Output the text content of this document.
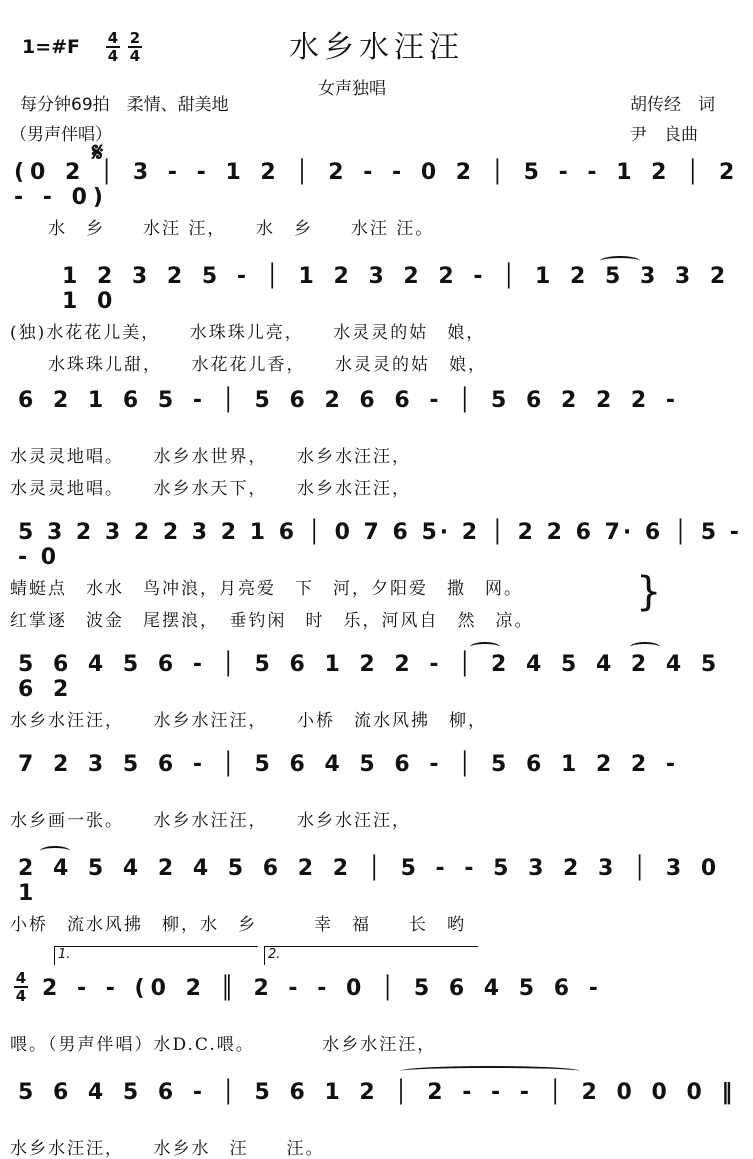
水乡水汪汪
1=#F 4
4
2
4
女声独唱
每分钟69拍　柔情、甜美地	胡传经　词
（男声伴唱）	尹　良曲
𝄋
(0 2 │ 3 - - 1 2 │ 2 - - 0 2 │ 5 - - 1 2 │ 2 - - 0)
水　乡　　水汪 汪，　　水　乡　　水汪 汪。
1 2 3 2 5 - │ 1 2 3 2 2 - │ 1 2 5 3 3 2 1 0
(独)水花花儿美，　　水珠珠儿亮，　　水灵灵的姑　娘，
　　水珠珠儿甜，　　水花花儿香，　　水灵灵的姑　娘，
6 2 1 6 5 - │ 5 6 2 6 6 - │ 5 6 2 2 2 -
水灵灵地唱。　　水乡水世界，　　水乡水汪汪，
水灵灵地唱。　　水乡水天下，　　水乡水汪汪，
5 3 2 3 2 2 3 2 1 6 │ 0 7 6 5· 2 │ 2 2 6 7· 6 │ 5 - - 0
蜻蜓点　水水　鸟冲浪，月亮爱　下　河，夕阳爱　撒　网。
红掌逐　波金　尾摆浪，　垂钓闲　时　乐，河风自　然　凉。
}
5 6 4 5 6 - │ 5 6 1 2 2 - │ 2 4 5 4 2 4 5 6 2
水乡水汪汪，　　水乡水汪汪，　　小桥　流水风拂　柳，
7 2 3 5 6 - │ 5 6 4 5 6 - │ 5 6 1 2 2 -
水乡画一张。　　水乡水汪汪，　　水乡水汪汪，
2 4 5 4 2 4 5 6 2 2 │ 5 - - 5 3 2 3 │ 3 0 1
小桥　流水风拂　柳，水　乡　　　幸　福　　长　哟
1.	2.
4
4 2 - - (0 2 ║ 2 - - 0 │ 5 6 4 5 6 -
喂。（男声伴唱）水D.C.喂。　　　　水乡水汪汪，
5 6 4 5 6 - │ 5 6 1 2 │ 2 - - - │ 2 0 0 0 ‖
水乡水汪汪，　　水乡水　汪　　汪。
